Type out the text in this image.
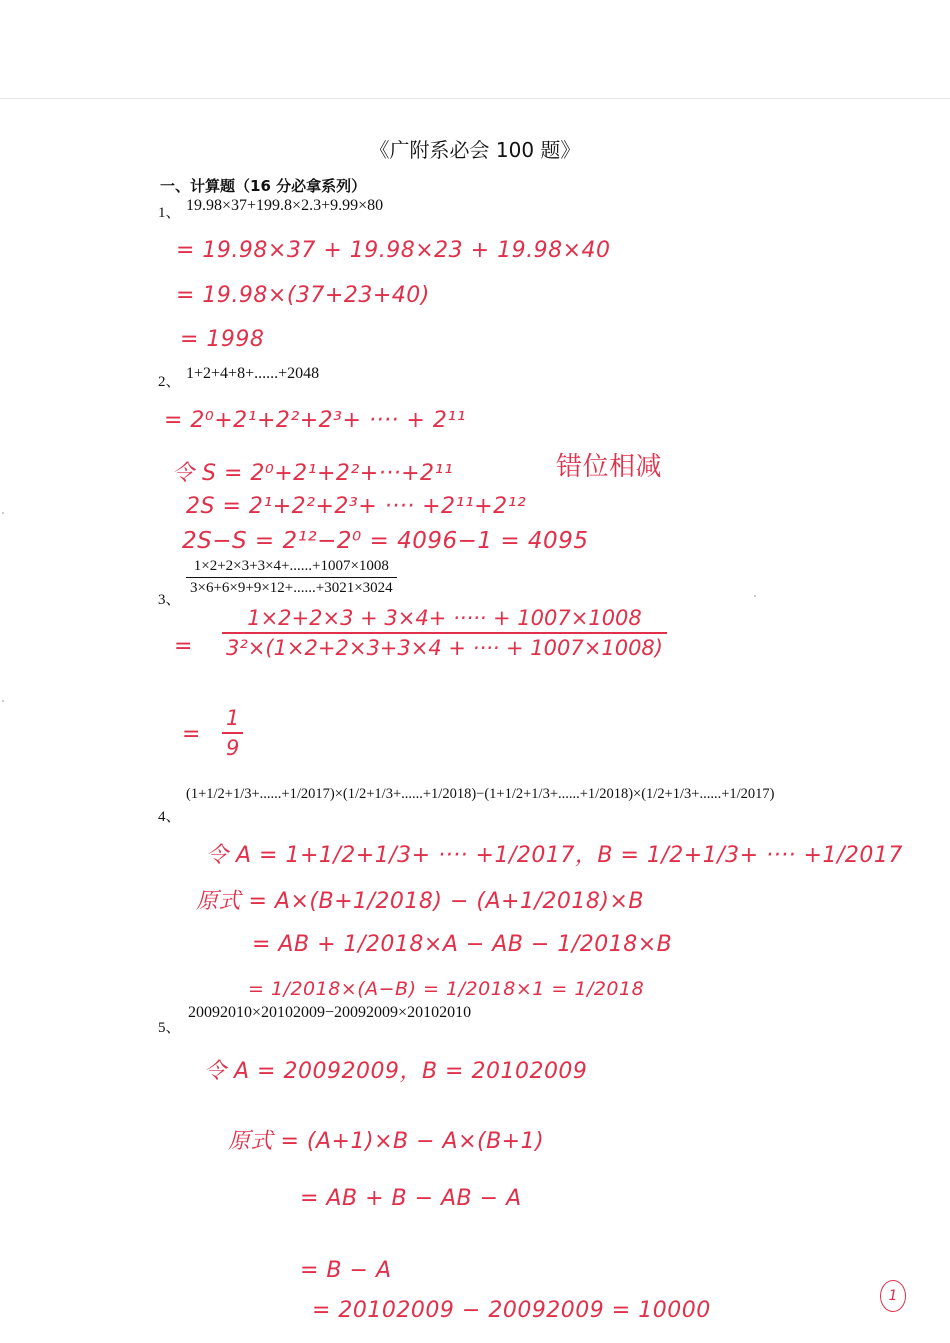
《广附系必会 100 题》
一、计算题（16 分必拿系列）
1、 19.98×37+199.8×2.3+9.99×80
= 19.98×37 + 19.98×23 + 19.98×40
= 19.98×(37+23+40)
= 1998
2、 1+2+4+8+......+2048
= 2⁰+2¹+2²+2³+ ···· + 2¹¹
令 S = 2⁰+2¹+2²+···+2¹¹
2S = 2¹+2²+2³+ ···· +2¹¹+2¹²
2S−S = 2¹²−2⁰ = 4096−1 = 4095
错位相减
3、
$\frac{1\times 2+2\times 3+3\times 4+......+1007\times 1008}{3\times 6+6\times 9+9\times 12+......+3021\times 3024}$
= $\frac{1\times 2+2\times 3 + 3\times 4+ \cdot\cdot\cdot\cdot\cdot + 1007\times 1008}{\text{3²×(1×2+2×3+3×4 + ···· + 1007×1008)}}$
= $\frac{1}{9}$
4、
(1+1/2+1/3+......+1/2017)×(1/2+1/3+......+1/2018)−(1+1/2+1/3+......+1/2018)×(1/2+1/3+......+1/2017)
令 A = 1+1/2+1/3+ ···· +1/2017，B = 1/2+1/3+ ···· +1/2017
原式 = A×(B+1/2018) − (A+1/2018)×B
= AB + 1/2018×A − AB − 1/2018×B
= 1/2018×(A−B) = 1/2018×1 = 1/2018
5、
20092010×20102009−20092009×20102010
令 A = 20092009，B = 20102009
原式 = (A+1)×B − A×(B+1)
= AB + B − AB − A
= B − A
= 20102009 − 20092009 = 10000
1
